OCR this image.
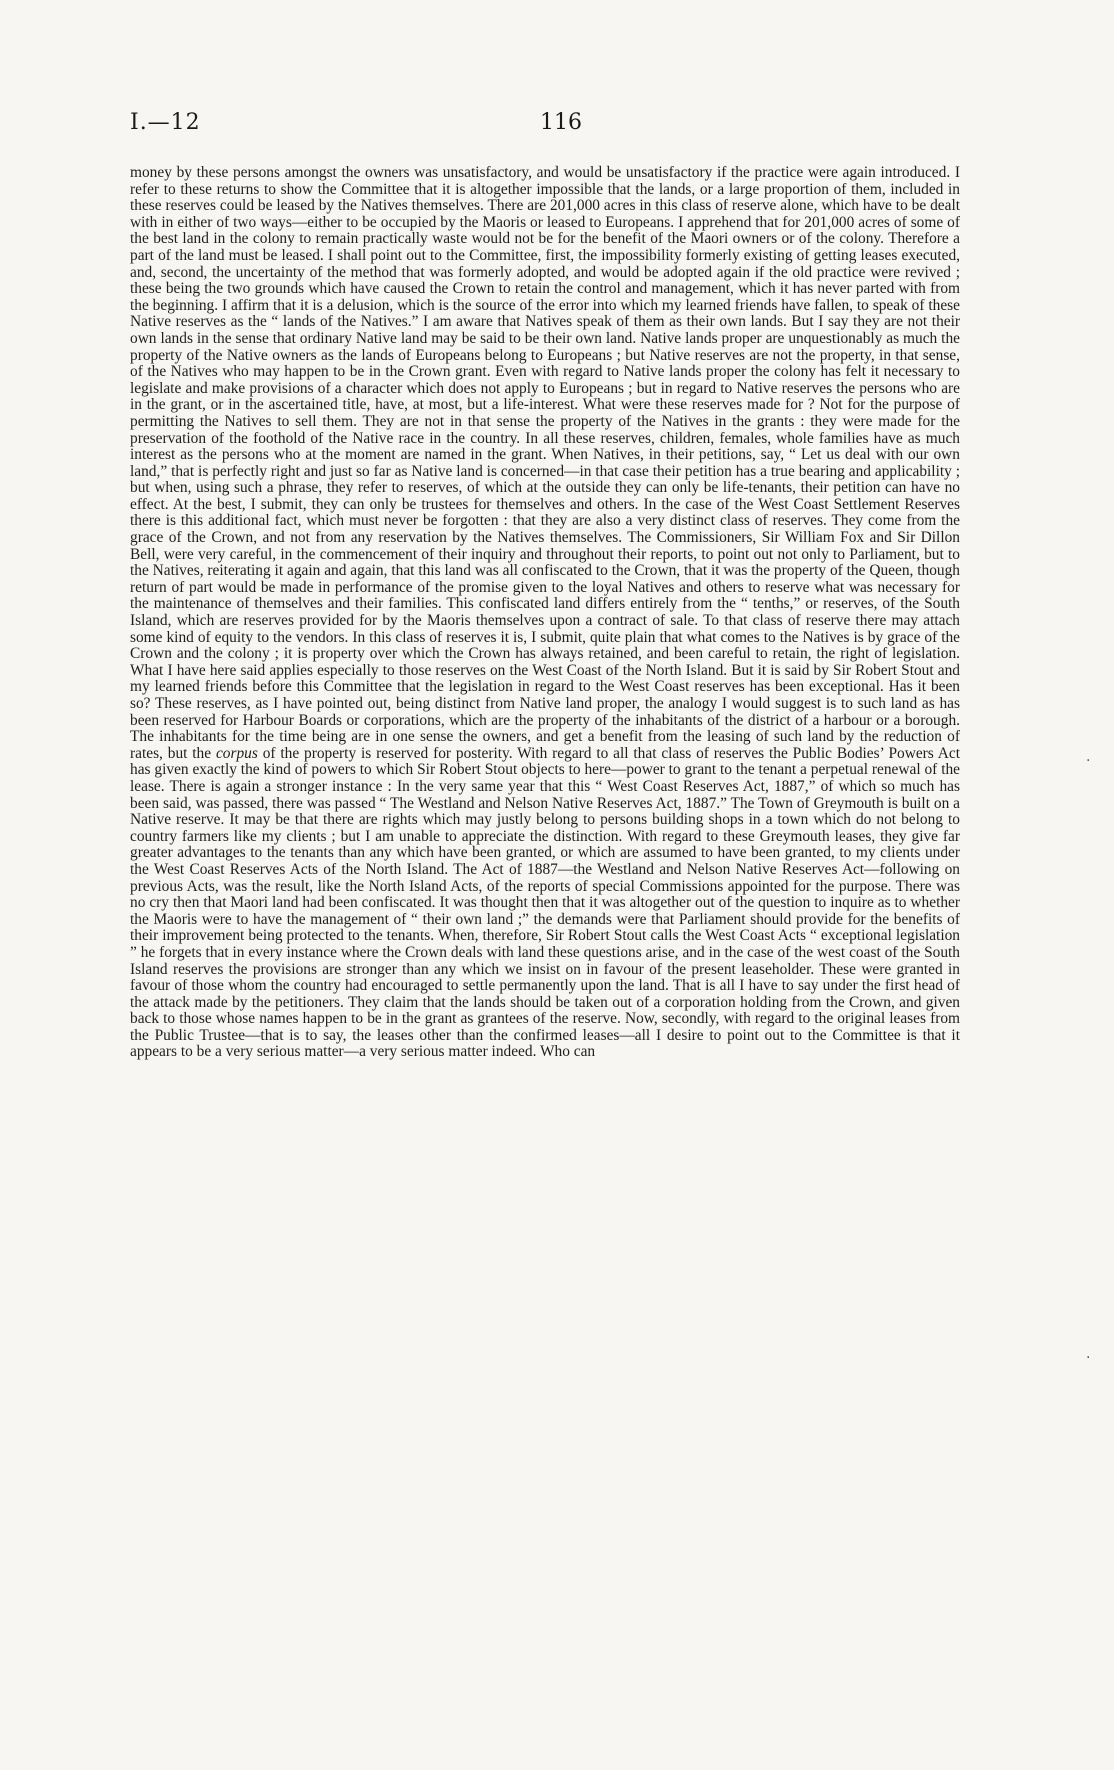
I.—12	116

money by these persons amongst the owners was unsatisfactory, and would be unsatisfactory if the practice were again introduced. I refer to these returns to show the Committee that it is altogether impossible that the lands, or a large proportion of them, included in these reserves could be leased by the Natives themselves. There are 201,000 acres in this class of reserve alone, which have to be dealt with in either of two ways—either to be occupied by the Maoris or leased to Europeans. I apprehend that for 201,000 acres of some of the best land in the colony to remain practically waste would not be for the benefit of the Maori owners or of the colony. Therefore a part of the land must be leased. I shall point out to the Committee, first, the impossibility formerly existing of getting leases executed, and, second, the uncertainty of the method that was formerly adopted, and would be adopted again if the old practice were revived ; these being the two grounds which have caused the Crown to retain the control and management, which it has never parted with from the beginning. I affirm that it is a delusion, which is the source of the error into which my learned friends have fallen, to speak of these Native reserves as the “ lands of the Natives.” I am aware that Natives speak of them as their own lands. But I say they are not their own lands in the sense that ordinary Native land may be said to be their own land. Native lands proper are unquestionably as much the property of the Native owners as the lands of Europeans belong to Europeans ; but Native reserves are not the property, in that sense, of the Natives who may happen to be in the Crown grant. Even with regard to Native lands proper the colony has felt it necessary to legislate and make provisions of a character which does not apply to Europeans ; but in regard to Native reserves the persons who are in the grant, or in the ascertained title, have, at most, but a life-interest. What were these reserves made for ? Not for the purpose of permitting the Natives to sell them. They are not in that sense the property of the Natives in the grants : they were made for the preservation of the foothold of the Native race in the country. In all these reserves, children, females, whole families have as much interest as the persons who at the moment are named in the grant. When Natives, in their petitions, say, “ Let us deal with our own land,” that is perfectly right and just so far as Native land is concerned—in that case their petition has a true bearing and applicability ; but when, using such a phrase, they refer to reserves, of which at the outside they can only be life-tenants, their petition can have no effect. At the best, I submit, they can only be trustees for themselves and others. In the case of the West Coast Settlement Reserves there is this additional fact, which must never be forgotten : that they are also a very distinct class of reserves. They come from the grace of the Crown, and not from any reservation by the Natives themselves. The Commissioners, Sir William Fox and Sir Dillon Bell, were very careful, in the commencement of their inquiry and throughout their reports, to point out not only to Parliament, but to the Natives, reiterating it again and again, that this land was all confiscated to the Crown, that it was the property of the Queen, though return of part would be made in performance of the promise given to the loyal Natives and others to reserve what was necessary for the maintenance of themselves and their families. This confiscated land differs entirely from the “ tenths,” or reserves, of the South Island, which are reserves provided for by the Maoris themselves upon a contract of sale. To that class of reserve there may attach some kind of equity to the vendors. In this class of reserves it is, I submit, quite plain that what comes to the Natives is by grace of the Crown and the colony ; it is property over which the Crown has always retained, and been careful to retain, the right of legislation. What I have here said applies especially to those reserves on the West Coast of the North Island. But it is said by Sir Robert Stout and my learned friends before this Committee that the legislation in regard to the West Coast reserves has been exceptional. Has it been so? These reserves, as I have pointed out, being distinct from Native land proper, the analogy I would suggest is to such land as has been reserved for Harbour Boards or corporations, which are the property of the inhabitants of the district of a harbour or a borough. The inhabitants for the time being are in one sense the owners, and get a benefit from the leasing of such land by the reduction of rates, but the corpus of the property is reserved for posterity. With regard to all that class of reserves the Public Bodies’ Powers Act has given exactly the kind of powers to which Sir Robert Stout objects to here—power to grant to the tenant a perpetual renewal of the lease. There is again a stronger instance : In the very same year that this “ West Coast Reserves Act, 1887,” of which so much has been said, was passed, there was passed “ The Westland and Nelson Native Reserves Act, 1887.” The Town of Greymouth is built on a Native reserve. It may be that there are rights which may justly belong to persons building shops in a town which do not belong to country farmers like my clients ; but I am unable to appreciate the distinction. With regard to these Greymouth leases, they give far greater advantages to the tenants than any which have been granted, or which are assumed to have been granted, to my clients under the West Coast Reserves Acts of the North Island. The Act of 1887—the Westland and Nelson Native Reserves Act—following on previous Acts, was the result, like the North Island Acts, of the reports of special Commissions appointed for the purpose. There was no cry then that Maori land had been confiscated. It was thought then that it was altogether out of the question to inquire as to whether the Maoris were to have the management of “ their own land ;” the demands were that Parliament should provide for the benefits of their improvement being protected to the tenants. When, therefore, Sir Robert Stout calls the West Coast Acts “ exceptional legislation ” he forgets that in every instance where the Crown deals with land these questions arise, and in the case of the west coast of the South Island reserves the provisions are stronger than any which we insist on in favour of the present leaseholder. These were granted in favour of those whom the country had encouraged to settle permanently upon the land. That is all I have to say under the first head of the attack made by the petitioners. They claim that the lands should be taken out of a corporation holding from the Crown, and given back to those whose names happen to be in the grant as grantees of the reserve. Now, secondly, with regard to the original leases from the Public Trustee—that is to say, the leases other than the confirmed leases—all I desire to point out to the Committee is that it appears to be a very serious matter—a very serious matter indeed. Who can

·
·
